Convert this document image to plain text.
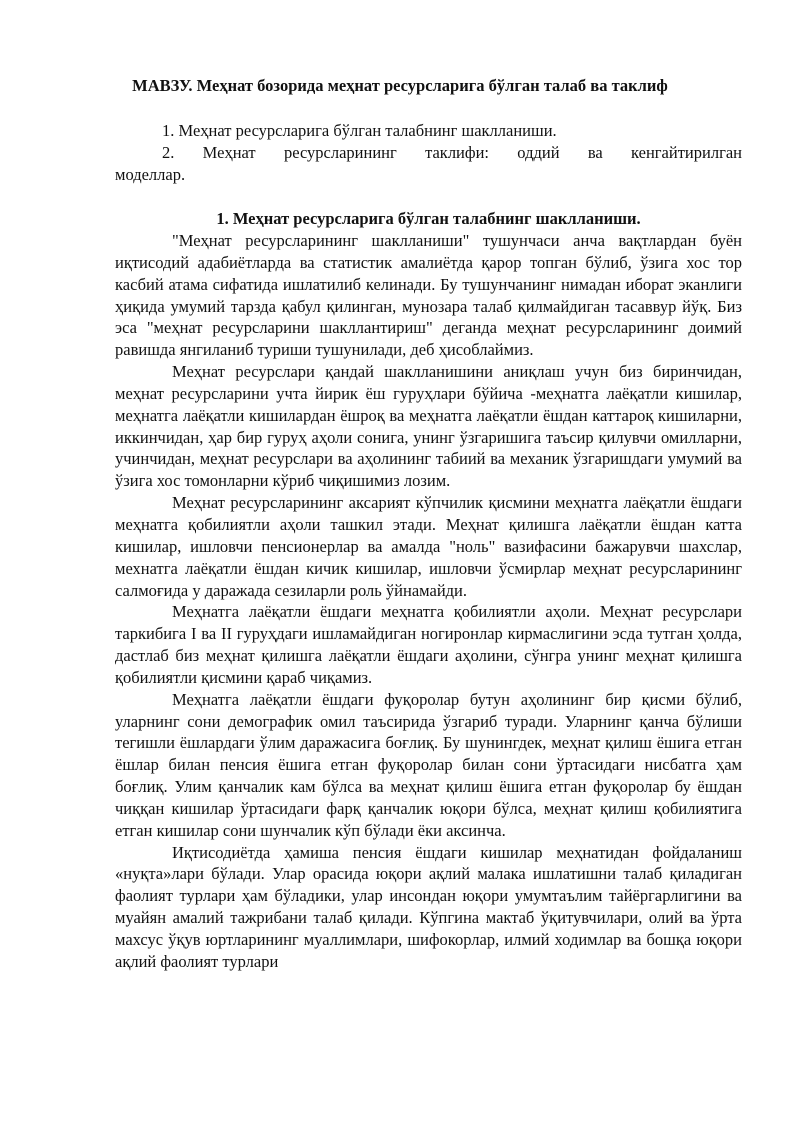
МАВЗУ. Меҳнат бозорида меҳнат ресурсларига бўлган талаб ва таклиф
1. Меҳнат ресурсларига бўлган талабнинг шаклланиши.
2. Меҳнат ресурсларининг таклифи: оддий ва кенгайтирилган
моделлар.
1. Меҳнат ресурсларига бўлган талабнинг шаклланиши.

"Меҳнат ресурсларининг шаклланиши" тушунчаси анча вақтлардан буён иқтисодий адабиётларда ва статистик амалиётда қарор топган бўлиб, ўзига хос тор касбий атама сифатида ишлатилиб келинади. Бу тушунчанинг нимадан иборат эканлиги ҳиқида умумий тарзда қабул қилинган, мунозара талаб қилмайдиган тасаввур йўқ. Биз эса "меҳнат ресурсларини шакллантириш" деганда меҳнат ресурсларининг доимий равишда янгиланиб туриши тушунилади, деб ҳисоблаймиз.

Меҳнат ресурслари қандай шаклланишини аниқлаш учун биз биринчидан, меҳнат ресурсларини учта йирик ёш гуруҳлари бўйича -меҳнатга лаёқатли кишилар, меҳнатга лаёқатли кишилардан ёшроқ ва меҳнатга лаёқатли ёшдан каттароқ кишиларни, иккинчидан, ҳар бир гуруҳ аҳоли сонига, унинг ўзгаришига таъсир қилувчи омилларни, учинчидан, меҳнат ресурслари ва аҳолининг табиий ва механик ўзгаришдаги умумий ва ўзига хос томонларни кўриб чиқишимиз лозим.

Меҳнат ресурсларининг аксарият кўпчилик қисмини меҳнатга лаёқатли ёшдаги меҳнатга қобилиятли аҳоли ташкил этади. Меҳнат қилишга лаёқатли ёшдан катта кишилар, ишловчи пенсионерлар ва амалда "ноль" вазифасини бажарувчи шахслар, мехнатга лаёқатли ёшдан кичик кишилар, ишловчи ўсмирлар меҳнат ресурсларининг салмоғида у даражада сезиларли роль ўйнамайди.

Меҳнатга лаёқатли ёшдаги меҳнатга қобилиятли аҳоли. Меҳнат ресурслари таркибига I ва II гуруҳдаги ишламайдиган ногиронлар кирмаслигини эсда тутган ҳолда, дастлаб биз меҳнат қилишга лаёқатли ёшдаги аҳолини, сўнгра унинг меҳнат қилишга қобилиятли қисмини қараб чиқамиз.

Меҳнатга лаёқатли ёшдаги фуқоролар бутун аҳолининг бир қисми бўлиб, уларнинг сони демографик омил таъсирида ўзгариб туради. Уларнинг қанча бўлиши тегишли ёшлардаги ўлим даражасига боғлиқ. Бу шунингдек, меҳнат қилиш ёшига етган ёшлар билан пенсия ёшига етган фуқоролар билан сони ўртасидаги нисбатга ҳам боғлиқ. Улим қанчалик кам бўлса ва меҳнат қилиш ёшига етган фуқоролар бу ёшдан чиққан кишилар ўртасидаги фарқ қанчалик юқори бўлса, меҳнат қилиш қобилиятига етган кишилар сони шунчалик кўп бўлади ёки аксинча.

Иқтисодиётда ҳамиша пенсия ёшдаги кишилар меҳнатидан фойдаланиш «нуқта»лари бўлади. Улар орасида юқори ақлий малака ишлатишни талаб қиладиган фаолият турлари ҳам бўладики, улар инсондан юқори умумтаълим тайёргарлигини ва муайян амалий тажрибани талаб қилади. Кўпгина мактаб ўқитувчилари, олий ва ўрта махсус ўқув юртларининг муаллимлари, шифокорлар, илмий ходимлар ва бошқа юқори ақлий фаолият турлари
